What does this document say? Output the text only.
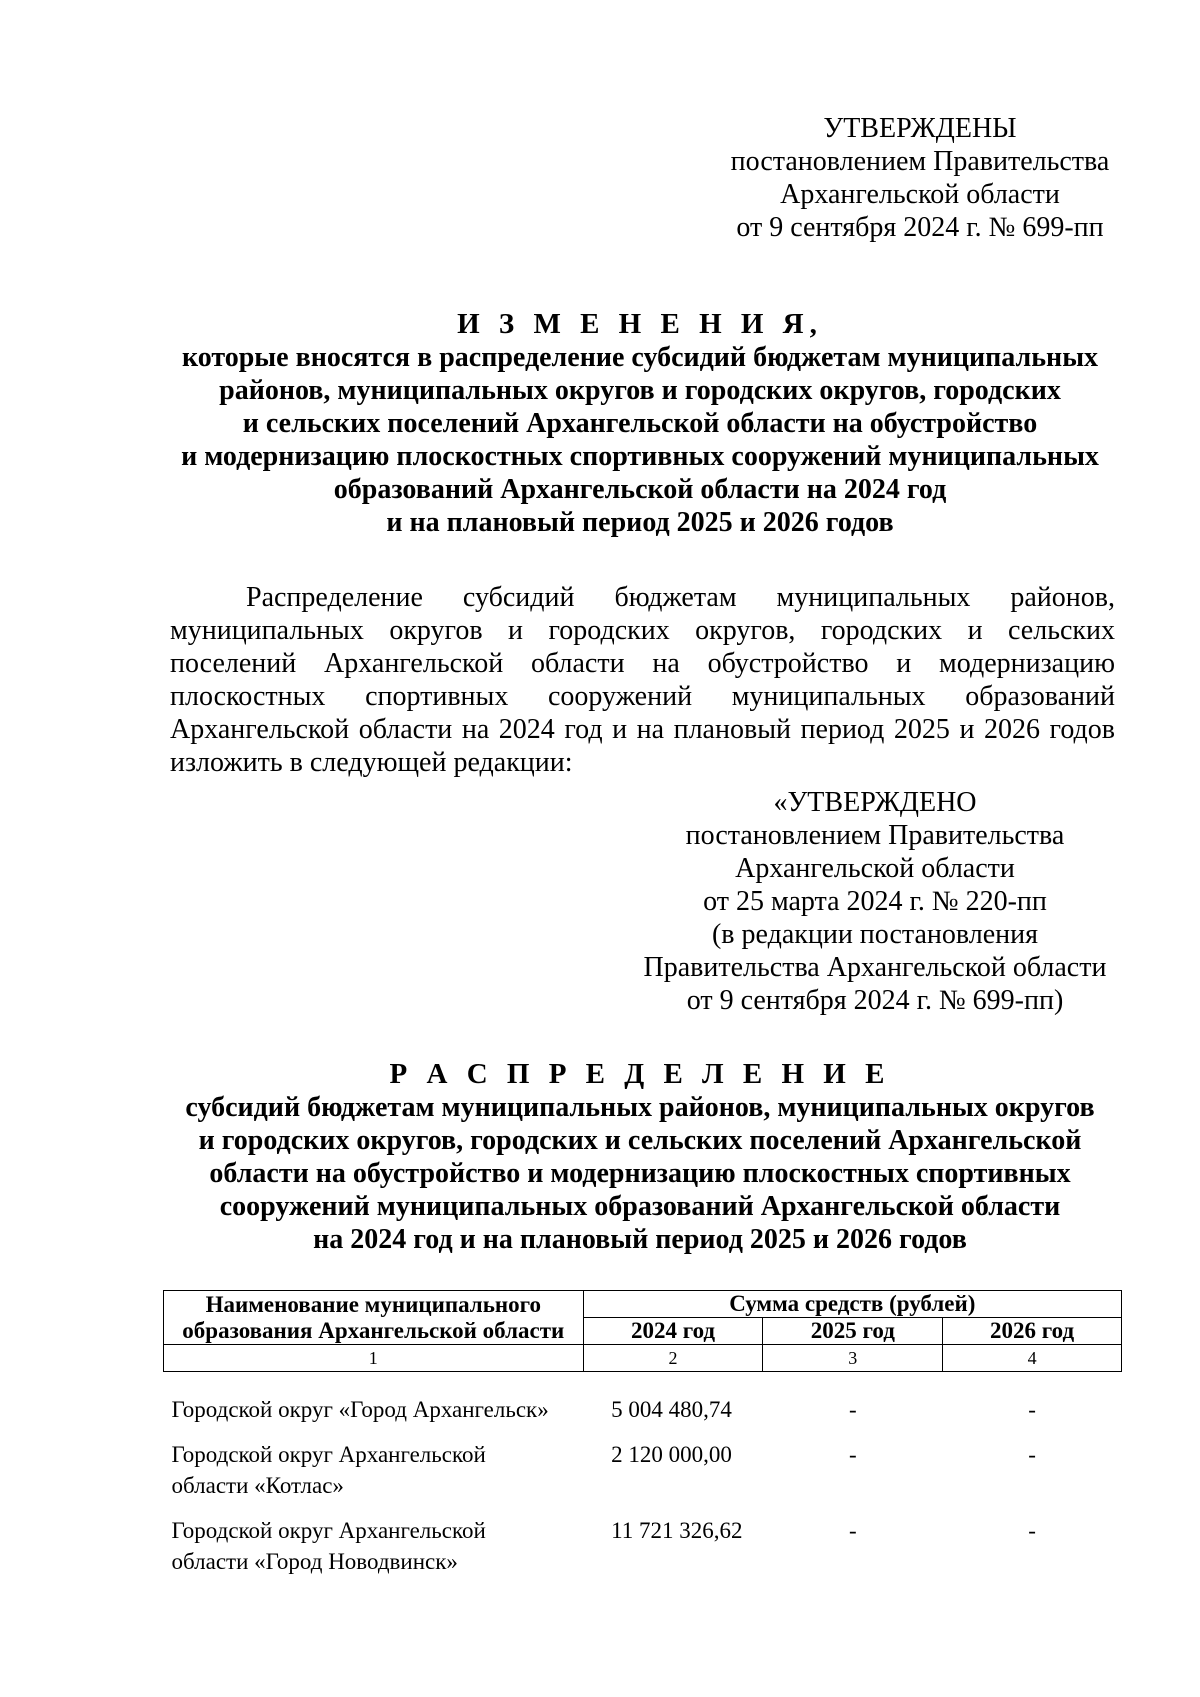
УТВЕРЖДЕНЫ
постановлением Правительства
Архангельской области
от 9 сентября 2024 г. № 699-пп
И З М Е Н Е Н И Я,
которые вносятся в распределение субсидий бюджетам муниципальных
районов, муниципальных округов и городских округов, городских
и сельских поселений Архангельской области на обустройство
и модернизацию плоскостных спортивных сооружений муниципальных
образований Архангельской области на 2024 год
и на плановый период 2025 и 2026 годов
Распределение субсидий бюджетам муниципальных районов,
муниципальных округов и городских округов, городских и сельских
поселений Архангельской области на обустройство и модернизацию
плоскостных спортивных сооружений муниципальных образований
Архангельской области на 2024 год и на плановый период 2025 и 2026 годов
изложить в следующей редакции:
«УТВЕРЖДЕНО
постановлением Правительства
Архангельской области
от 25 марта 2024 г. № 220-пп
(в редакции постановления
Правительства Архангельской области
от 9 сентября 2024 г. № 699-пп)
Р А С П Р Е Д Е Л Е Н И Е
субсидий бюджетам муниципальных районов, муниципальных округов
и городских округов, городских и сельских поселений Архангельской
области на обустройство и модернизацию плоскостных спортивных
сооружений муниципальных образований Архангельской области
на 2024 год и на плановый период 2025 и 2026 годов
Наименование муниципального
образования Архангельской области	Сумма средств (рублей)		
	2024 год	2025 год	2026 год
1	2	3	4

Городской округ «Город Архангельск»	5 004 480,74	-	-

Городской округ Архангельской
области «Котлас»	2 120 000,00	-	-

Городской округ Архангельской
области «Город Новодвинск»	11 721 326,62	-	-
